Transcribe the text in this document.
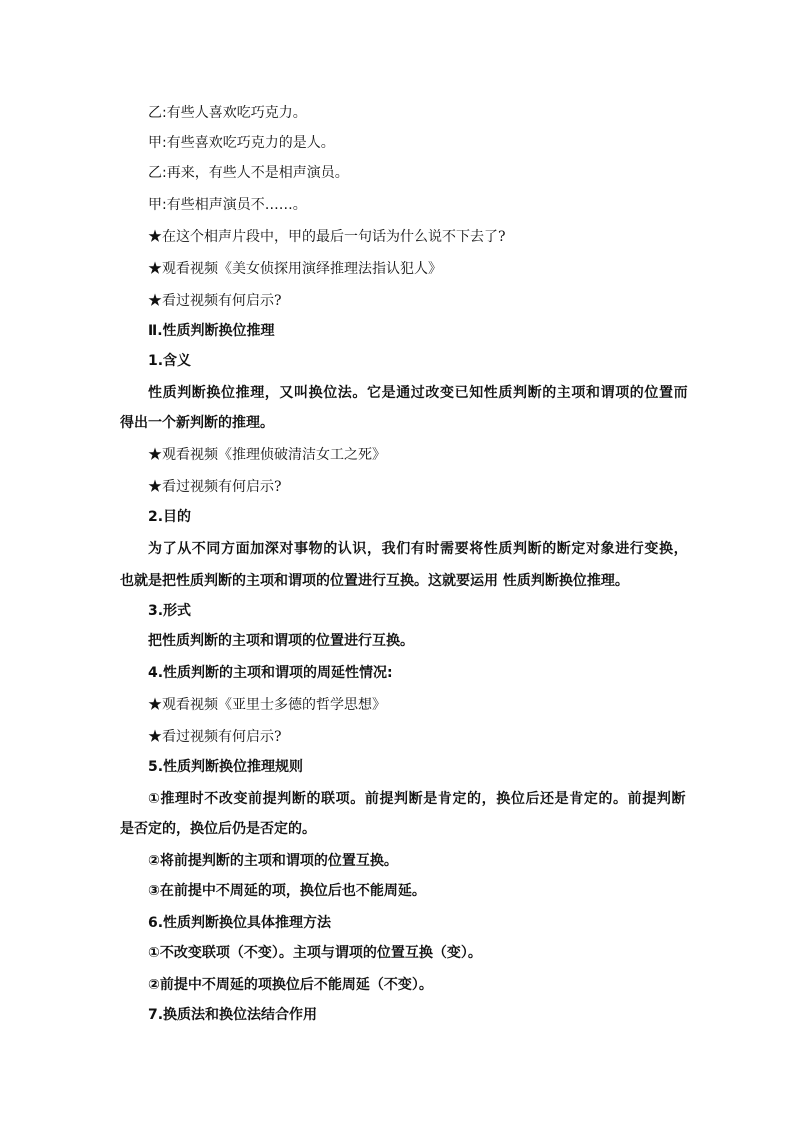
乙:有些人喜欢吃巧克力。
甲:有些喜欢吃巧克力的是人。
乙:再来，有些人不是相声演员。
甲:有些相声演员不……。
★在这个相声片段中，甲的最后一句话为什么说不下去了?
★观看视频《美女侦探用演绎推理法指认犯人》
★看过视频有何启示?
Ⅱ.性质判断换位推理
1.含义
性质判断换位推理，又叫换位法。它是通过改变已知性质判断的主项和谓项的位置而
得出一个新判断的推理。
★观看视频《推理侦破清洁女工之死》
★看过视频有何启示?
2.目的
为了从不同方面加深对事物的认识，我们有时需要将性质判断的断定对象进行变换，
也就是把性质判断的主项和谓项的位置进行互换。这就要运用 性质判断换位推理。
3.形式
把性质判断的主项和谓项的位置进行互换。
4.性质判断的主项和谓项的周延性情况:
★观看视频《亚里士多德的哲学思想》
★看过视频有何启示?
5.性质判断换位推理规则
①推理时不改变前提判断的联项。前提判断是肯定的，换位后还是肯定的。前提判断
是否定的，换位后仍是否定的。
②将前提判断的主项和谓项的位置互换。
③在前提中不周延的项，换位后也不能周延。
6.性质判断换位具体推理方法
①不改变联项（不变）。主项与谓项的位置互换（变）。
②前提中不周延的项换位后不能周延（不变）。
7.换质法和换位法结合作用
